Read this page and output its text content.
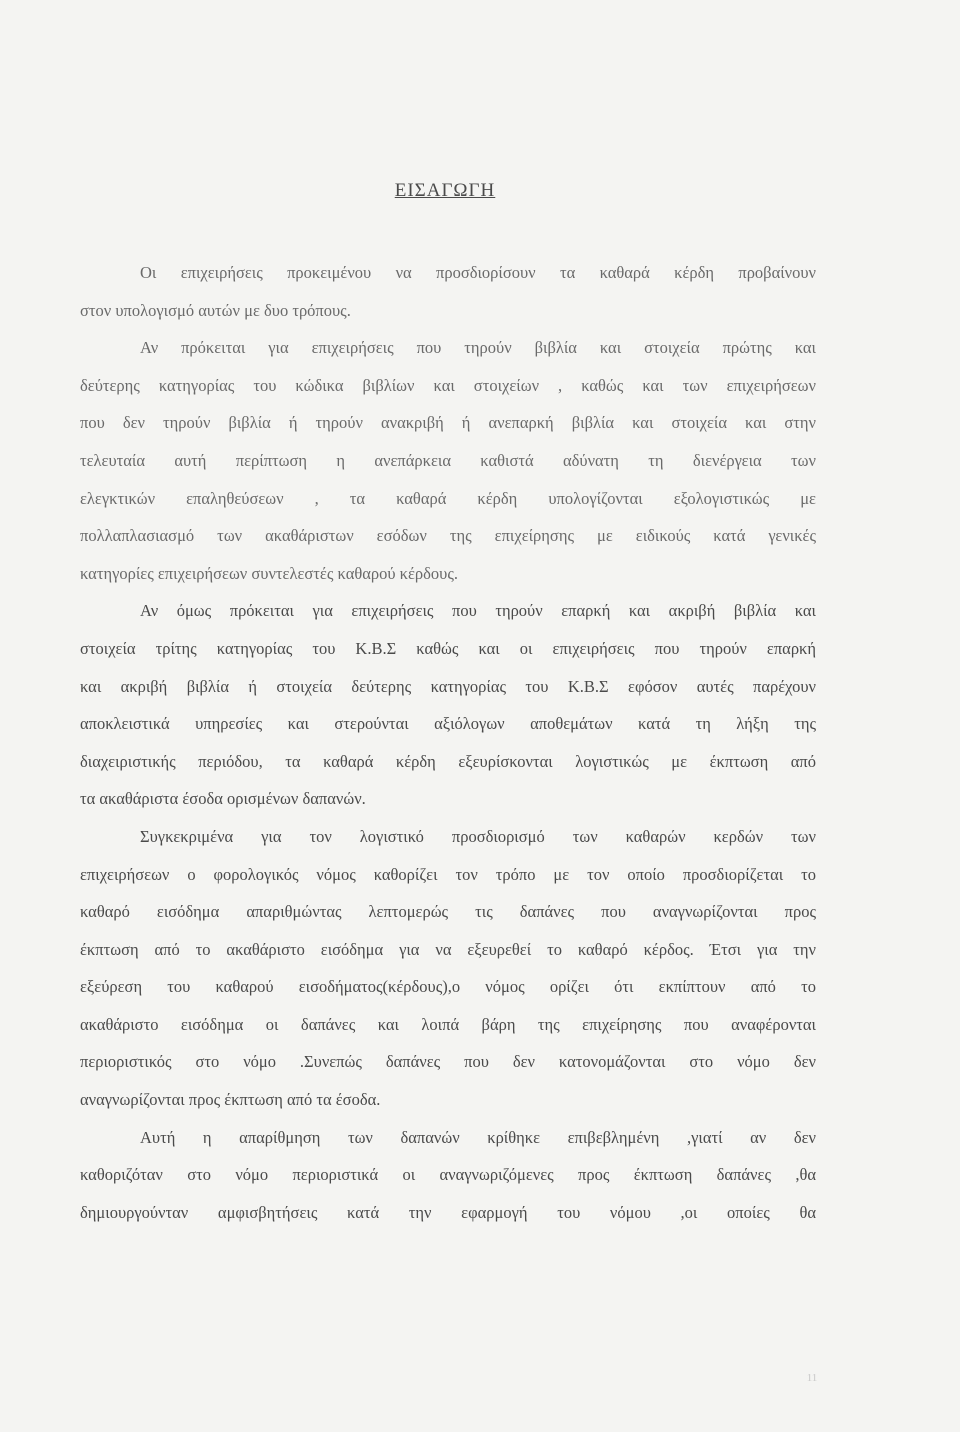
ΕΙΣΑΓΩΓΗ
Οι επιχειρήσεις προκειμένου να προσδιορίσουν τα καθαρά κέρδη προβαίνουν
στον υπολογισμό αυτών με δυο τρόπους.
Αν πρόκειται για επιχειρήσεις που τηρούν βιβλία και στοιχεία πρώτης και
δεύτερης κατηγορίας του κώδικα βιβλίων και στοιχείων , καθώς και των επιχειρήσεων
που δεν τηρούν βιβλία ή τηρούν ανακριβή ή ανεπαρκή βιβλία και στοιχεία και στην
τελευταία αυτή περίπτωση η ανεπάρκεια καθιστά αδύνατη τη διενέργεια των
ελεγκτικών επαληθεύσεων , τα καθαρά κέρδη υπολογίζονται εξολογιστικώς με
πολλαπλασιασμό των ακαθάριστων εσόδων της επιχείρησης με ειδικούς κατά γενικές
κατηγορίες επιχειρήσεων συντελεστές καθαρού κέρδους.
Αν όμως πρόκειται για επιχειρήσεις που τηρούν επαρκή και ακριβή βιβλία και
στοιχεία τρίτης κατηγορίας του Κ.Β.Σ καθώς και οι επιχειρήσεις που τηρούν επαρκή
και ακριβή βιβλία ή στοιχεία δεύτερης κατηγορίας του Κ.Β.Σ εφόσον αυτές παρέχουν
αποκλειστικά υπηρεσίες και στερούνται αξιόλογων αποθεμάτων κατά τη λήξη της
διαχειριστικής περιόδου, τα καθαρά κέρδη εξευρίσκονται λογιστικώς με έκπτωση από
τα ακαθάριστα έσοδα ορισμένων δαπανών.
Συγκεκριμένα για τον λογιστικό προσδιορισμό των καθαρών κερδών των
επιχειρήσεων ο φορολογικός νόμος καθορίζει τον τρόπο με τον οποίο προσδιορίζεται το
καθαρό εισόδημα απαριθμώντας λεπτομερώς τις δαπάνες που αναγνωρίζονται προς
έκπτωση από το ακαθάριστο εισόδημα για να εξευρεθεί το καθαρό κέρδος. Έτσι για την
εξεύρεση του καθαρού εισοδήματος(κέρδους),ο νόμος ορίζει ότι εκπίπτουν από το
ακαθάριστο εισόδημα οι δαπάνες και λοιπά βάρη της επιχείρησης που αναφέρονται
περιοριστικός στο νόμο .Συνεπώς δαπάνες που δεν κατονομάζονται στο νόμο δεν
αναγνωρίζονται προς έκπτωση από τα έσοδα.
Αυτή η απαρίθμηση των δαπανών κρίθηκε επιβεβλημένη ,γιατί αν δεν
καθοριζόταν στο νόμο περιοριστικά οι αναγνωριζόμενες προς έκπτωση δαπάνες ,θα
δημιουργούνταν αμφισβητήσεις κατά την εφαρμογή του νόμου ,οι οποίες θα
11
